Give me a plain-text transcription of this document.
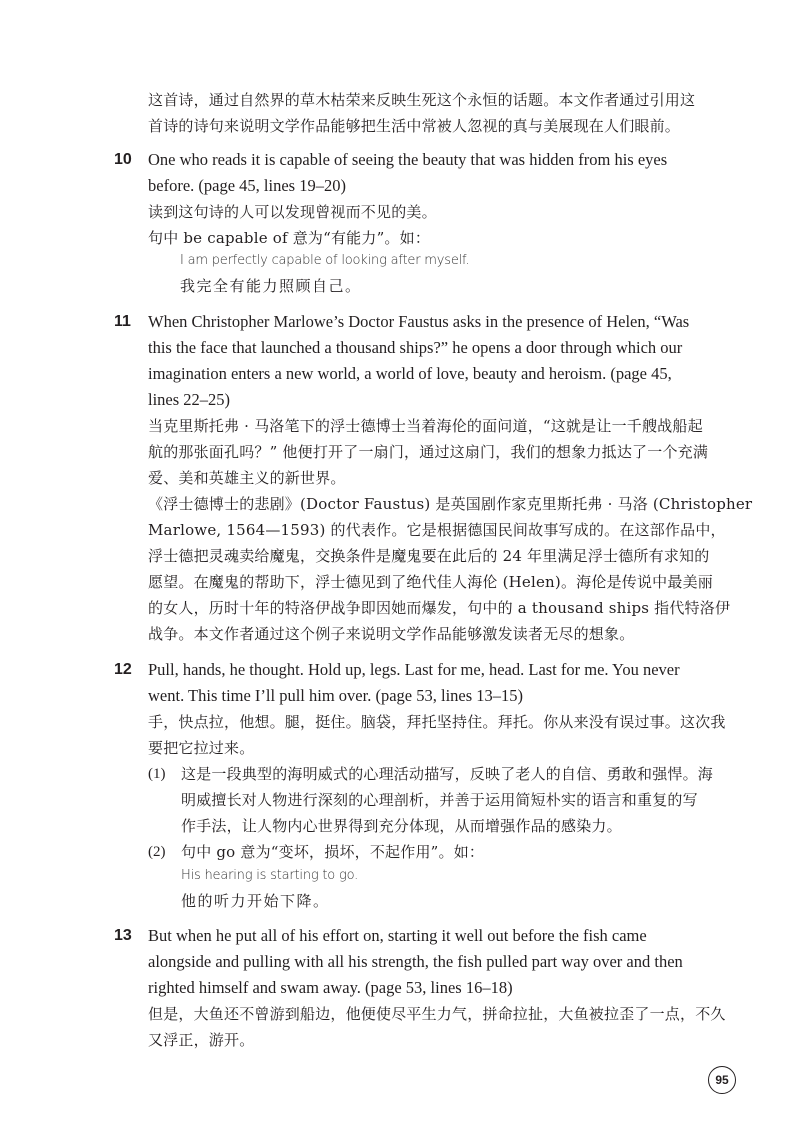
这首诗，通过自然界的草木枯荣来反映生死这个永恒的话题。本文作者通过引用这
首诗的诗句来说明文学作品能够把生活中常被人忽视的真与美展现在人们眼前。
10 One who reads it is capable of seeing the beauty that was hidden from his eyes
before. (page 45, lines 19–20)
读到这句诗的人可以发现曾视而不见的美。
句中 be capable of 意为“有能力”。如：
I am perfectly capable of looking after myself.
我完全有能力照顾自己。
11 When Christopher Marlowe’s Doctor Faustus asks in the presence of Helen, “Was
this the face that launched a thousand ships?” he opens a door through which our
imagination enters a new world, a world of love, beauty and heroism. (page 45,
lines 22–25)
当克里斯托弗 · 马洛笔下的浮士德博士当着海伦的面问道，“这就是让一千艘战船起
航的那张面孔吗？” 他便打开了一扇门，通过这扇门，我们的想象力抵达了一个充满
爱、美和英雄主义的新世界。
《浮士德博士的悲剧》(Doctor Faustus) 是英国剧作家克里斯托弗 · 马洛 (Christopher
Marlowe, 1564—1593) 的代表作。它是根据德国民间故事写成的。在这部作品中，
浮士德把灵魂卖给魔鬼，交换条件是魔鬼要在此后的 24 年里满足浮士德所有求知的
愿望。在魔鬼的帮助下，浮士德见到了绝代佳人海伦 (Helen)。海伦是传说中最美丽
的女人，历时十年的特洛伊战争即因她而爆发，句中的 a thousand ships 指代特洛伊
战争。本文作者通过这个例子来说明文学作品能够激发读者无尽的想象。
12 Pull, hands, he thought. Hold up, legs. Last for me, head. Last for me. You never
went. This time I’ll pull him over. (page 53, lines 13–15)
手，快点拉，他想。腿，挺住。脑袋，拜托坚持住。拜托。你从来没有误过事。这次我
要把它拉过来。
(1) 这是一段典型的海明威式的心理活动描写，反映了老人的自信、勇敢和强悍。海
明威擅长对人物进行深刻的心理剖析，并善于运用简短朴实的语言和重复的写
作手法，让人物内心世界得到充分体现，从而增强作品的感染力。
(2) 句中 go 意为“变坏，损坏，不起作用”。如：
His hearing is starting to go.
他的听力开始下降。
13 But when he put all of his effort on, starting it well out before the fish came
alongside and pulling with all his strength, the fish pulled part way over and then
righted himself and swam away. (page 53, lines 16–18)
但是，大鱼还不曾游到船边，他便使尽平生力气，拼命拉扯，大鱼被拉歪了一点，不久
又浮正，游开。
95
